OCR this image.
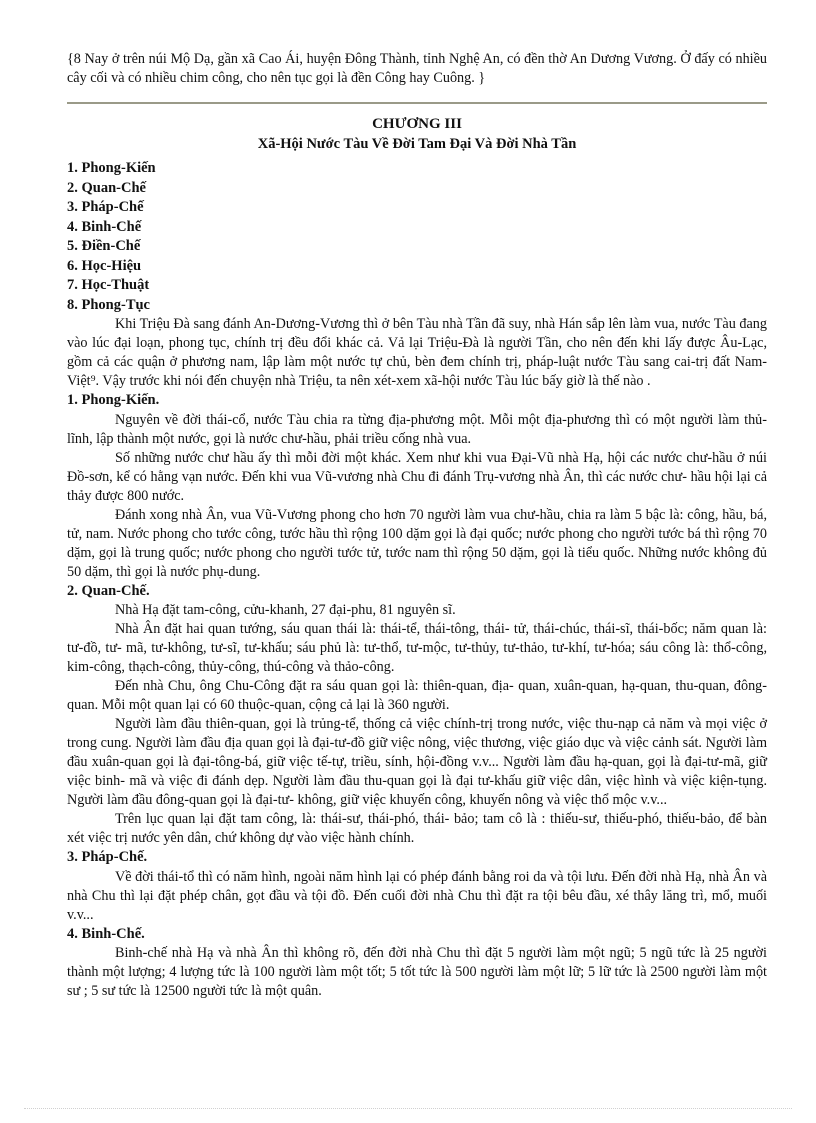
{8 Nay ở trên núi Mộ Dạ, gần xã Cao Ái, huyện Đông Thành, tỉnh Nghệ An, có đền thờ An Dương Vương. Ở đấy có nhiều cây cối và có nhiều chim công, cho nên tục gọi là đền Công hay Cuông. }

CHƯƠNG III
Xã-Hội Nước Tàu Về Đời Tam Đại Và Đời Nhà Tần
1. Phong-Kiến
2. Quan-Chế
3. Pháp-Chế
4. Binh-Chế
5. Điền-Chế
6. Học-Hiệu
7. Học-Thuật
8. Phong-Tục

Khi Triệu Đà sang đánh An-Dương-Vương thì ở bên Tàu nhà Tần đã suy, nhà Hán sắp lên làm vua, nước Tàu đang vào lúc đại loạn, phong tục, chính trị đều đổi khác cả. Vả lại Triệu-Đà là người Tần, cho nên đến khi lấy được Âu-Lạc, gồm cả các quận ở phương nam, lập làm một nước tự chủ, bèn đem chính trị, pháp-luật nước Tàu sang cai-trị đất Nam-Việt⁹. Vậy trước khi nói đến chuyện nhà Triệu, ta nên xét-xem xã-hội nước Tàu lúc bấy giờ là thế nào .

1. Phong-Kiến.

Nguyên về đời thái-cổ, nước Tàu chia ra từng địa-phương một. Mỗi một địa-phương thì có một người làm thủ-lĩnh, lập thành một nước, gọi là nước chư-hầu, phải triều cống nhà vua.

Số những nước chư hầu ấy thì mỗi đời một khác. Xem như khi vua Đại-Vũ nhà Hạ, hội các nước chư-hầu ở núi Đồ-sơn, kể có hằng vạn nước. Đến khi vua Vũ-vương nhà Chu đi đánh Trụ-vương nhà Ân, thì các nước chư- hầu hội lại cả thảy được 800 nước.

Đánh xong nhà Ân, vua Vũ-Vương phong cho hơn 70 người làm vua chư-hầu, chia ra làm 5 bậc là: công, hầu, bá, tử, nam. Nước phong cho tước công, tước hầu thì rộng 100 dặm gọi là đại quốc; nước phong cho người tước bá thì rộng 70 dặm, gọi là trung quốc; nước phong cho người tước tử, tước nam thì rộng 50 dặm, gọi là tiểu quốc. Những nước không đủ 50 dặm, thì gọi là nước phụ-dung.

2. Quan-Chế.

Nhà Hạ đặt tam-công, cửu-khanh, 27 đại-phu, 81 nguyên sĩ.

Nhà Ân đặt hai quan tướng, sáu quan thái là: thái-tể, thái-tông, thái- tử, thái-chúc, thái-sĩ, thái-bốc; năm quan là: tư-đồ, tư- mã, tư-không, tư-sĩ, tư-khấu; sáu phủ là: tư-thổ, tư-mộc, tư-thủy, tư-thảo, tư-khí, tư-hóa; sáu công là: thổ-công, kim-công, thạch-công, thủy-công, thú-công và thảo-công.

Đến nhà Chu, ông Chu-Công đặt ra sáu quan gọi là: thiên-quan, địa- quan, xuân-quan, hạ-quan, thu-quan, đông-quan. Mỗi một quan lại có 60 thuộc-quan, cộng cả lại là 360 người.

Người làm đầu thiên-quan, gọi là trủng-tể, thống cả việc chính-trị trong nước, việc thu-nạp cả năm và mọi việc ở trong cung. Người làm đầu địa quan gọi là đại-tư-đồ giữ việc nông, việc thương, việc giáo dục và việc cảnh sát. Người làm đầu xuân-quan gọi là đại-tông-bá, giữ việc tế-tự, triều, sính, hội-đồng v.v... Người làm đầu hạ-quan, gọi là đại-tư-mã, giữ việc binh- mã và việc đi đánh dẹp. Người làm đầu thu-quan gọi là đại tư-khấu giữ việc dân, việc hình và việc kiện-tụng. Người làm đầu đông-quan gọi là đại-tư- không, giữ việc khuyến công, khuyến nông và việc thổ mộc v.v...

Trên lục quan lại đặt tam công, là: thái-sư, thái-phó, thái- bảo; tam cô là : thiếu-sư, thiếu-phó, thiếu-bảo, để bàn xét việc trị nước yên dân, chứ không dự vào việc hành chính.

3. Pháp-Chế.

Về đời thái-tổ thì có năm hình, ngoài năm hình lại có phép đánh bằng roi da và tội lưu. Đến đời nhà Hạ, nhà Ân và nhà Chu thì lại đặt phép chân, gọt đầu và tội đồ. Đến cuối đời nhà Chu thì đặt ra tội bêu đầu, xé thây lăng trì, mổ, muối v.v...

4. Binh-Chế.

Binh-chế nhà Hạ và nhà Ân thì không rõ, đến đời nhà Chu thì đặt 5 người làm một ngũ; 5 ngũ tức là 25 người thành một lượng; 4 lượng tức là 100 người làm một tốt; 5 tốt tức là 500 người làm một lữ; 5 lữ tức là 2500 người làm một sư ; 5 sư tức là 12500 người tức là một quân.
